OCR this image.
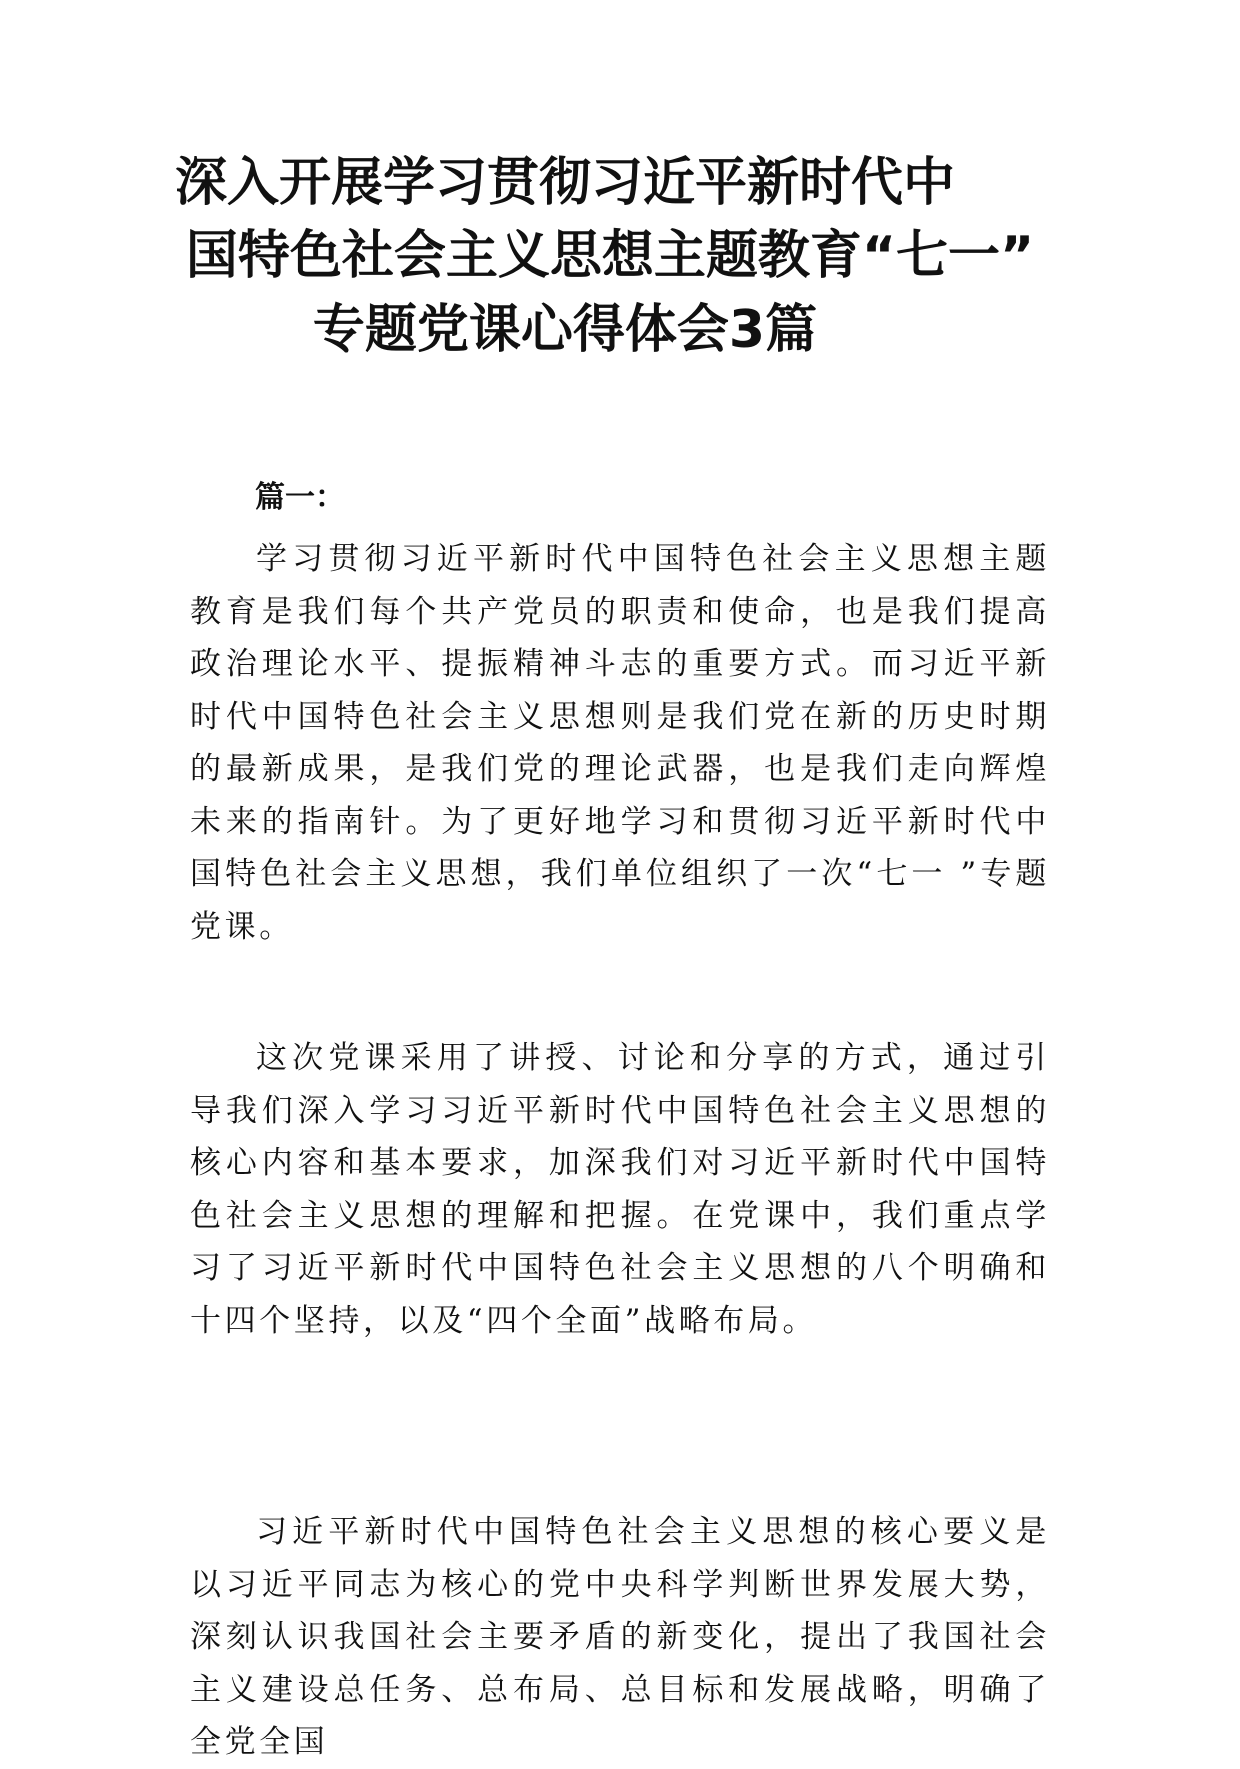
深入开展学习贯彻习近平新时代中
国特色社会主义思想主题教育“七一”
专题党课心得体会3篇
篇一：

学习贯彻习近平新时代中国特色社会主义思想主题教育是我们每个共产党员的职责和使命，也是我们提高政治理论水平、提振精神斗志的重要方式。而习近平新时代中国特色社会主义思想则是我们党在新的历史时期的最新成果，是我们党的理论武器，也是我们走向辉煌未来的指南针。为了更好地学习和贯彻习近平新时代中国特色社会主义思想，我们单位组织了一次“七一 ”专题党课。

这次党课采用了讲授、讨论和分享的方式，通过引导我们深入学习习近平新时代中国特色社会主义思想的核心内容和基本要求，加深我们对习近平新时代中国特色社会主义思想的理解和把握。在党课中，我们重点学习了习近平新时代中国特色社会主义思想的八个明确和十四个坚持，以及“四个全面”战略布局。

习近平新时代中国特色社会主义思想的核心要义是以习近平同志为核心的党中央科学判断世界发展大势，深刻认识我国社会主要矛盾的新变化，提出了我国社会主义建设总任务、总布局、总目标和发展战略，明确了全党全国
